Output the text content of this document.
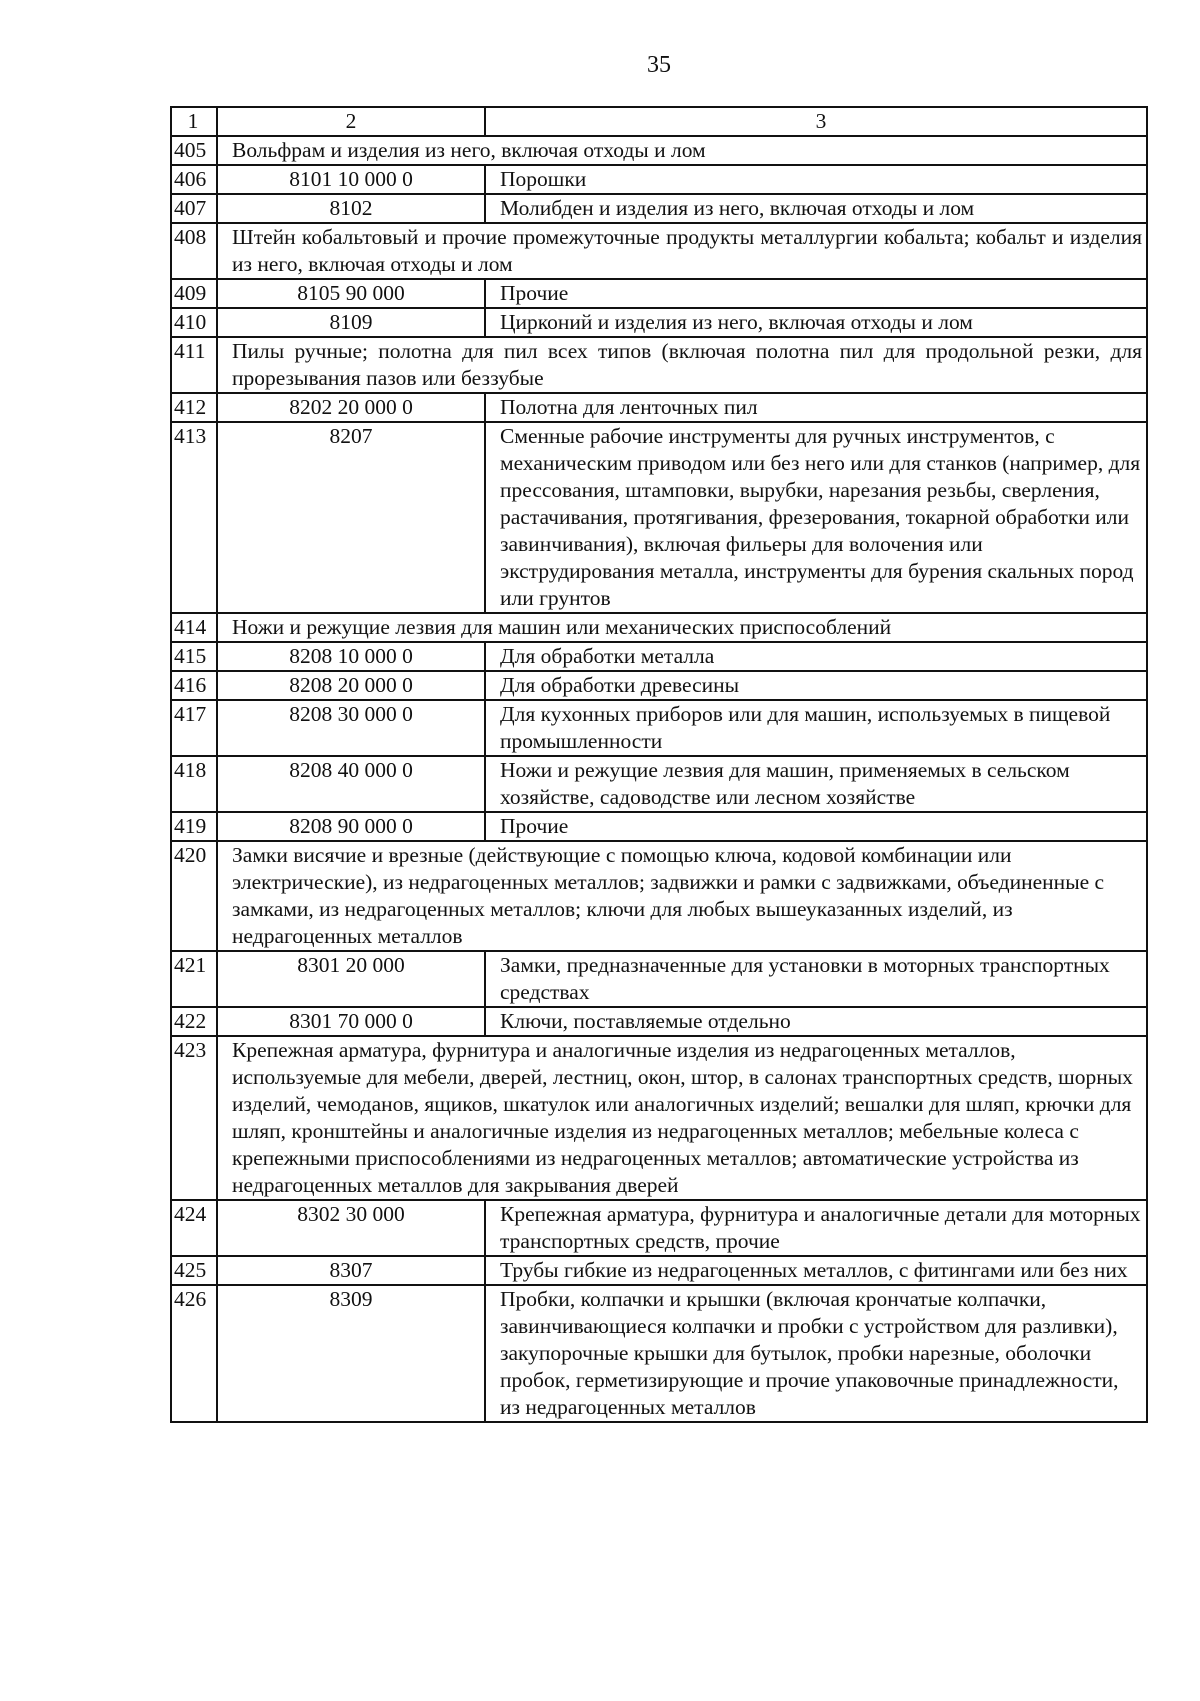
35
1	2	3
405	Вольфрам и изделия из него, включая отходы и лом	
406	8101 10 000 0	Порошки
407	8102	Молибден и изделия из него, включая отходы и лом
408	Штейн кобальтовый и прочие промежуточные продукты металлургии кобальта; кобальт и изделия из него, включая отходы и лом	
409	8105 90 000	Прочие
410	8109	Цирконий и изделия из него, включая отходы и лом
411	Пилы ручные; полотна для пил всех типов (включая полотна пил для продольной резки, для прорезывания пазов или беззубые	
412	8202 20 000 0	Полотна для ленточных пил
413	8207	Сменные рабочие инструменты для ручных инструментов, с механическим приводом или без него или для станков (например, для прессования, штамповки, вырубки, нарезания резьбы, сверления, растачивания, протягивания, фрезерования, токарной обработки или завинчивания), включая фильеры для волочения или экструдирования металла, инструменты для бурения скальных пород или грунтов
414	Ножи и режущие лезвия для машин или механических приспособлений	
415	8208 10 000 0	Для обработки металла
416	8208 20 000 0	Для обработки древесины
417	8208 30 000 0	Для кухонных приборов или для машин, используемых в пищевой промышленности
418	8208 40 000 0	Ножи и режущие лезвия для машин, применяемых в сельском хозяйстве, садоводстве или лесном хозяйстве
419	8208 90 000 0	Прочие
420	Замки висячие и врезные (действующие с помощью ключа, кодовой комбинации или электрические), из недрагоценных металлов; задвижки и рамки с задвижками, объединенные с замками, из недрагоценных металлов; ключи для любых вышеуказанных изделий, из недрагоценных металлов	
421	8301 20 000	Замки, предназначенные для установки в моторных транспортных средствах
422	8301 70 000 0	Ключи, поставляемые отдельно
423	Крепежная арматура, фурнитура и аналогичные изделия из недрагоценных металлов, используемые для мебели, дверей, лестниц, окон, штор, в салонах транспортных средств, шорных изделий, чемоданов, ящиков, шкатулок или аналогичных изделий; вешалки для шляп, крючки для шляп, кронштейны и аналогичные изделия из недрагоценных металлов; мебельные колеса с крепежными приспособлениями из недрагоценных металлов; автоматические устройства из недрагоценных металлов для закрывания дверей	
424	8302 30 000	Крепежная арматура, фурнитура и аналогичные детали для моторных транспортных средств, прочие
425	8307	Трубы гибкие из недрагоценных металлов, с фитингами или без них
426	8309	Пробки, колпачки и крышки (включая крончатые колпачки, завинчивающиеся колпачки и пробки с устройством для разливки), закупорочные крышки для бутылок, пробки нарезные, оболочки пробок, герметизирующие и прочие упаковочные принадлежности, из недрагоценных металлов
